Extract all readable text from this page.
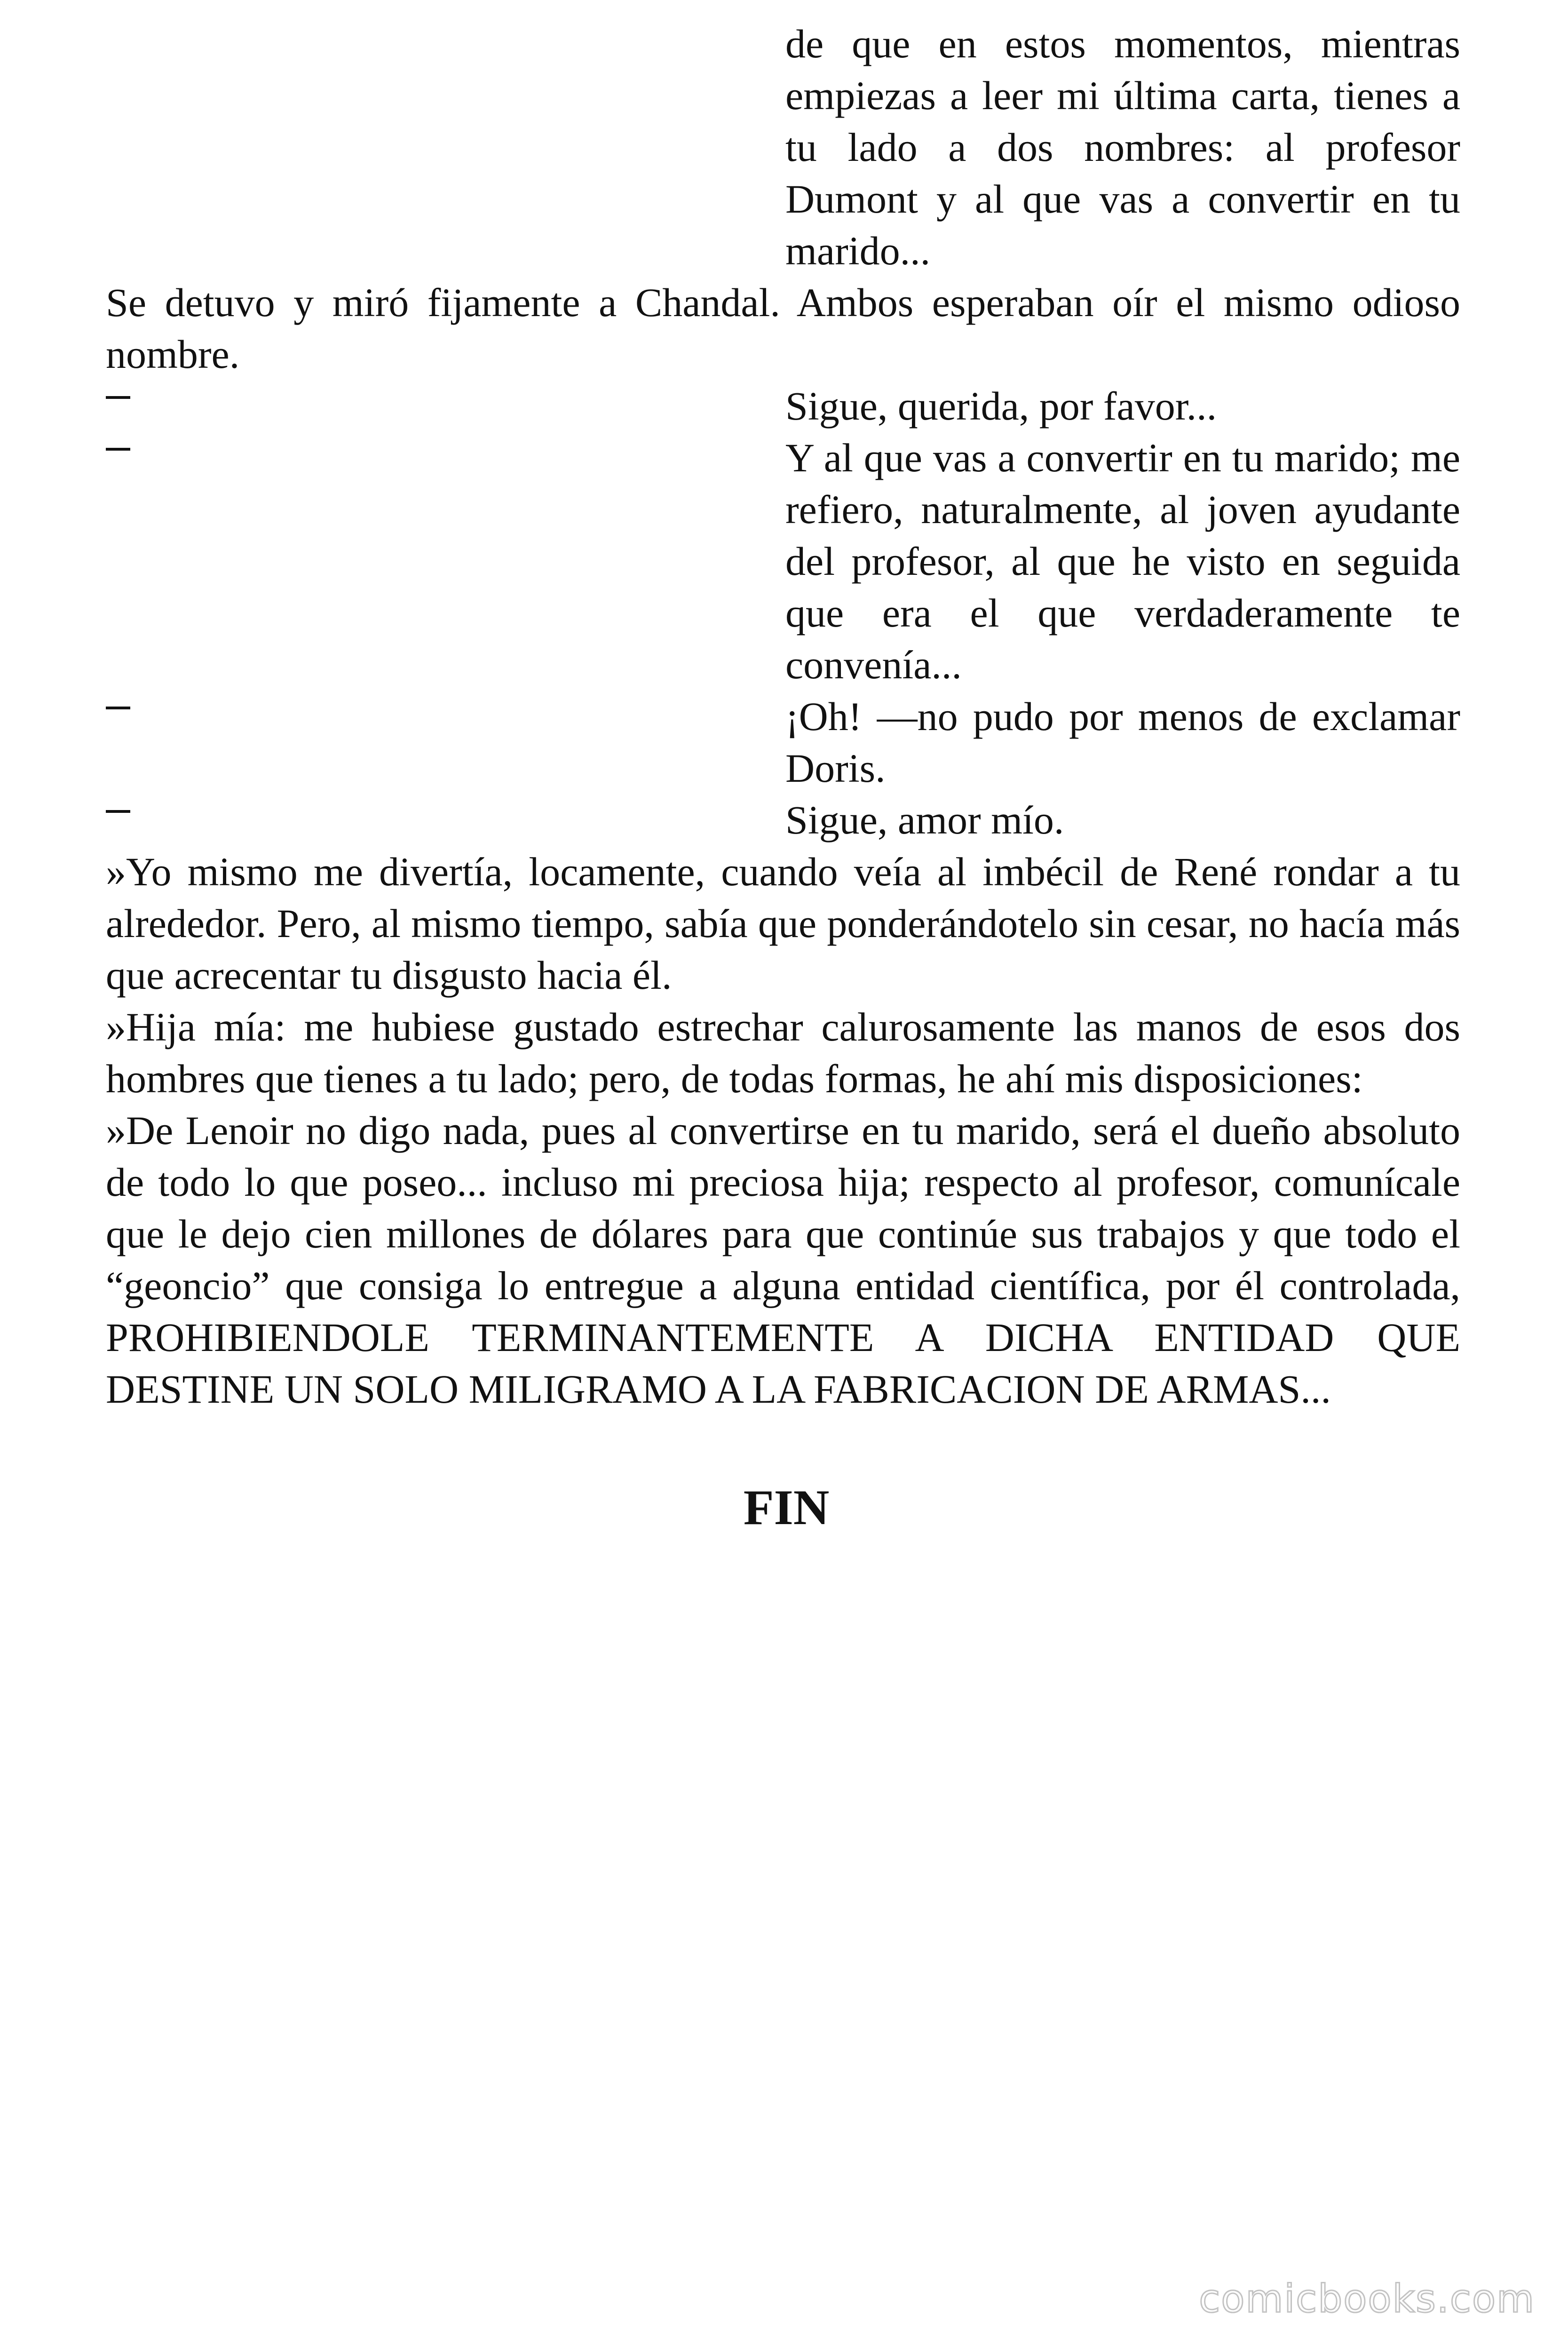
de que en estos momentos, mientras empiezas a leer mi última carta, tienes a tu lado a dos nombres: al profesor Dumont y al que vas a convertir en tu marido...
Se detuvo y miró fijamente a Chandal. Ambos esperaban oír el mismo odioso nombre.
Sigue, querida, por favor...
Y al que vas a convertir en tu marido; me refiero, naturalmente, al joven ayudante del profesor, al que he visto en seguida que era el que verdaderamente te convenía...
¡Oh! —no pudo por menos de exclamar Doris.
Sigue, amor mío.
»Yo mismo me divertía, locamente, cuando veía al imbécil de René rondar a tu alrededor. Pero, al mismo tiempo, sabía que ponderándotelo sin cesar, no hacía más que acrecentar tu disgusto hacia él.
»Hija mía: me hubiese gustado estrechar calurosamente las manos de esos dos hombres que tienes a tu lado; pero, de todas formas, he ahí mis disposiciones:
»De Lenoir no digo nada, pues al convertirse en tu marido, será el dueño absoluto de todo lo que poseo... incluso mi preciosa hija; respecto al profesor, comunícale que le dejo cien millones de dólares para que continúe sus trabajos y que todo el “geoncio” que consiga lo entregue a alguna entidad científica, por él controlada, PROHIBIENDOLE TERMINANTEMENTE A DICHA ENTIDAD QUE DESTINE UN SOLO MILIGRAMO A LA FABRICACION DE ARMAS...
FIN
comicbooks.com
